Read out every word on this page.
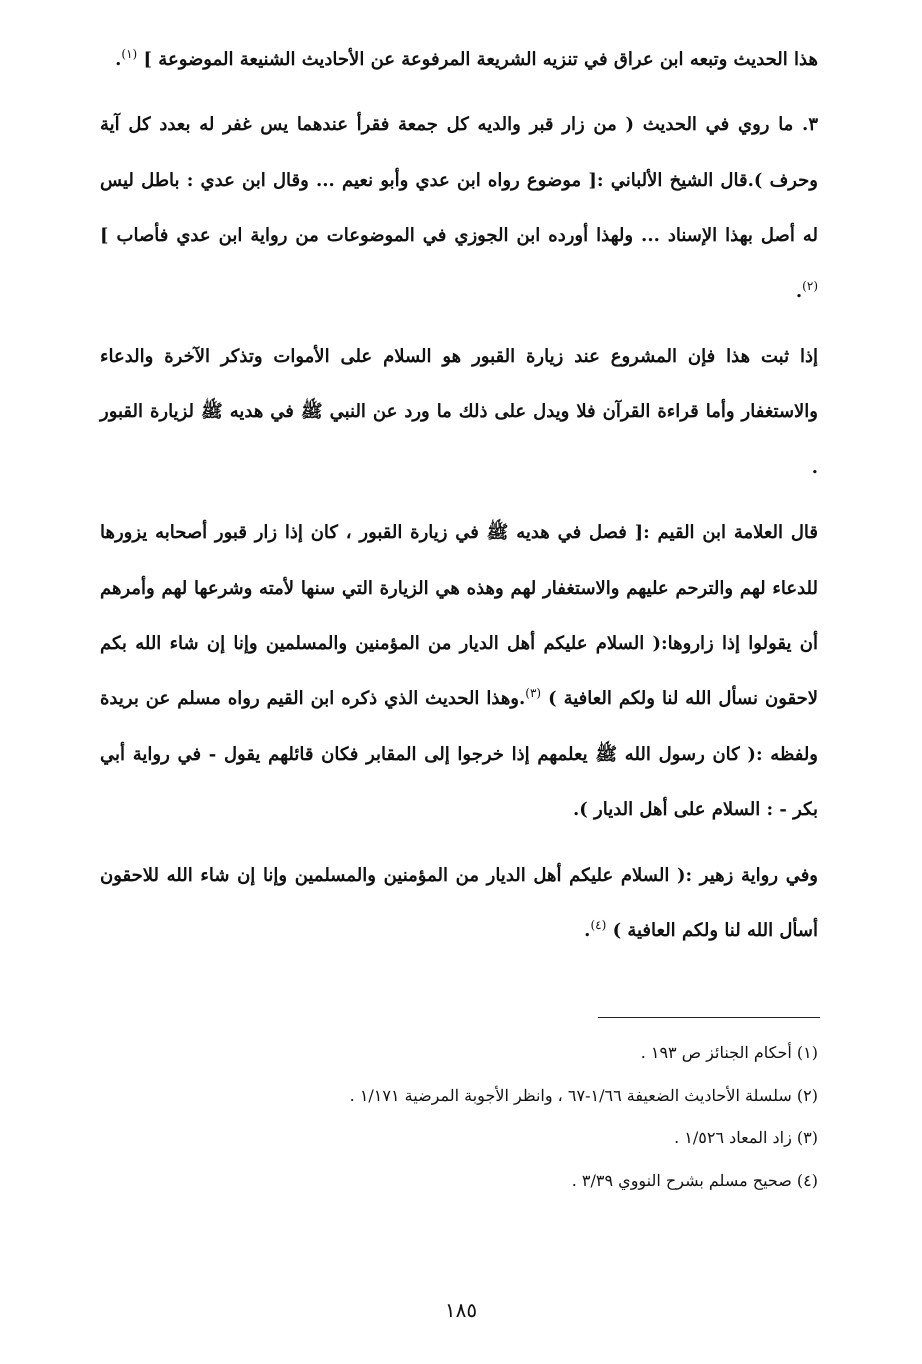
هذا الحديث وتبعه ابن عراق في تنزيه الشريعة المرفوعة عن الأحاديث الشنيعة الموضوعة ] $^{(١)}$.

٣. ما روي في الحديث ( من زار قبر والديه كل جمعة فقرأ عندهما يس غفر له بعدد كل آية وحرف ).قال الشيخ الألباني :[ موضوع رواه ابن عدي وأبو نعيم ... وقال ابن عدي : باطل ليس له أصل بهذا الإسناد ... ولهذا أورده ابن الجوزي في الموضوعات من رواية ابن عدي فأصاب ] $^{(٢)}$.

إذا ثبت هذا فإن المشروع عند زيارة القبور هو السلام على الأموات وتذكر الآخرة والدعاء والاستغفار وأما قراءة القرآن فلا ويدل على ذلك ما ورد عن النبي ﷺ في هديه ﷺ لزيارة القبور .

قال العلامة ابن القيم :[ فصل في هديه ﷺ في زيارة القبور ، كان إذا زار قبور أصحابه يزورها للدعاء لهم والترحم عليهم والاستغفار لهم وهذه هي الزيارة التي سنها لأمته وشرعها لهم وأمرهم أن يقولوا إذا زاروها:( السلام عليكم أهل الديار من المؤمنين والمسلمين وإنا إن شاء الله بكم لاحقون نسأل الله لنا ولكم العافية ) $^{(٣)}$.وهذا الحديث الذي ذكره ابن القيم رواه مسلم عن بريدة ولفظه :( كان رسول الله ﷺ يعلمهم إذا خرجوا إلى المقابر فكان قائلهم يقول - في رواية أبي بكر - : السلام على أهل الديار ).

وفي رواية زهير :( السلام عليكم أهل الديار من المؤمنين والمسلمين وإنا إن شاء الله للاحقون أسأل الله لنا ولكم العافية ) $^{(٤)}$.

(١) أحكام الجنائز ص ١٩٣ .

(٢) سلسلة الأحاديث الضعيفة ١/٦٦-٦٧ ، وانظر الأجوبة المرضية ١/١٧١ .

(٣) زاد المعاد ١/٥٢٦ .

(٤) صحيح مسلم بشرح النووي ٣/٣٩ .

١٨٥
